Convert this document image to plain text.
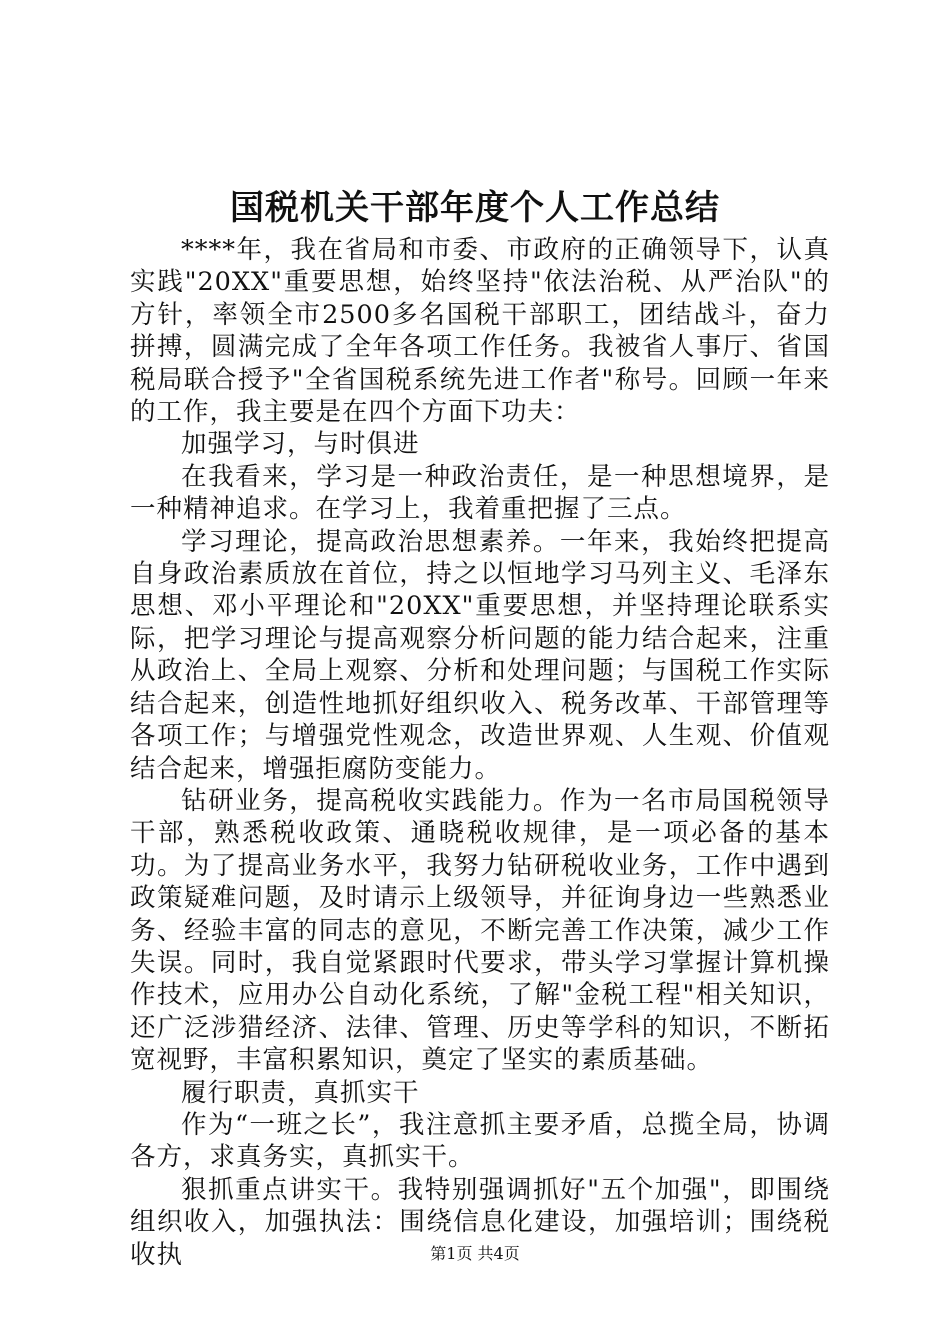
国税机关干部年度个人工作总结

****年，我在省局和市委、市政府的正确领导下，认真实践"20XX"重要思想，始终坚持"依法治税、从严治队"的方针，率领全市2500多名国税干部职工，团结战斗，奋力拼搏，圆满完成了全年各项工作任务。我被省人事厅、省国税局联合授予"全省国税系统先进工作者"称号。回顾一年来的工作，我主要是在四个方面下功夫：

加强学习，与时俱进

在我看来，学习是一种政治责任，是一种思想境界，是一种精神追求。在学习上，我着重把握了三点。

学习理论，提高政治思想素养。一年来，我始终把提高自身政治素质放在首位，持之以恒地学习马列主义、毛泽东思想、邓小平理论和"20XX"重要思想，并坚持理论联系实际，把学习理论与提高观察分析问题的能力结合起来，注重从政治上、全局上观察、分析和处理问题；与国税工作实际结合起来，创造性地抓好组织收入、税务改革、干部管理等各项工作；与增强党性观念，改造世界观、人生观、价值观结合起来，增强拒腐防变能力。

钻研业务，提高税收实践能力。作为一名市局国税领导干部，熟悉税收政策、通晓税收规律，是一项必备的基本功。为了提高业务水平，我努力钻研税收业务，工作中遇到政策疑难问题，及时请示上级领导，并征询身边一些熟悉业务、经验丰富的同志的意见，不断完善工作决策，减少工作失误。同时，我自觉紧跟时代要求，带头学习掌握计算机操作技术，应用办公自动化系统，了解"金税工程"相关知识，还广泛涉猎经济、法律、管理、历史等学科的知识，不断拓宽视野，丰富积累知识，奠定了坚实的素质基础。

履行职责，真抓实干

作为“一班之长”，我注意抓主要矛盾，总揽全局，协调各方，求真务实，真抓实干。

狠抓重点讲实干。我特别强调抓好"五个加强"，即围绕组织收入，加强执法：围绕信息化建设，加强培训；围绕税收执	第1页 共4页
